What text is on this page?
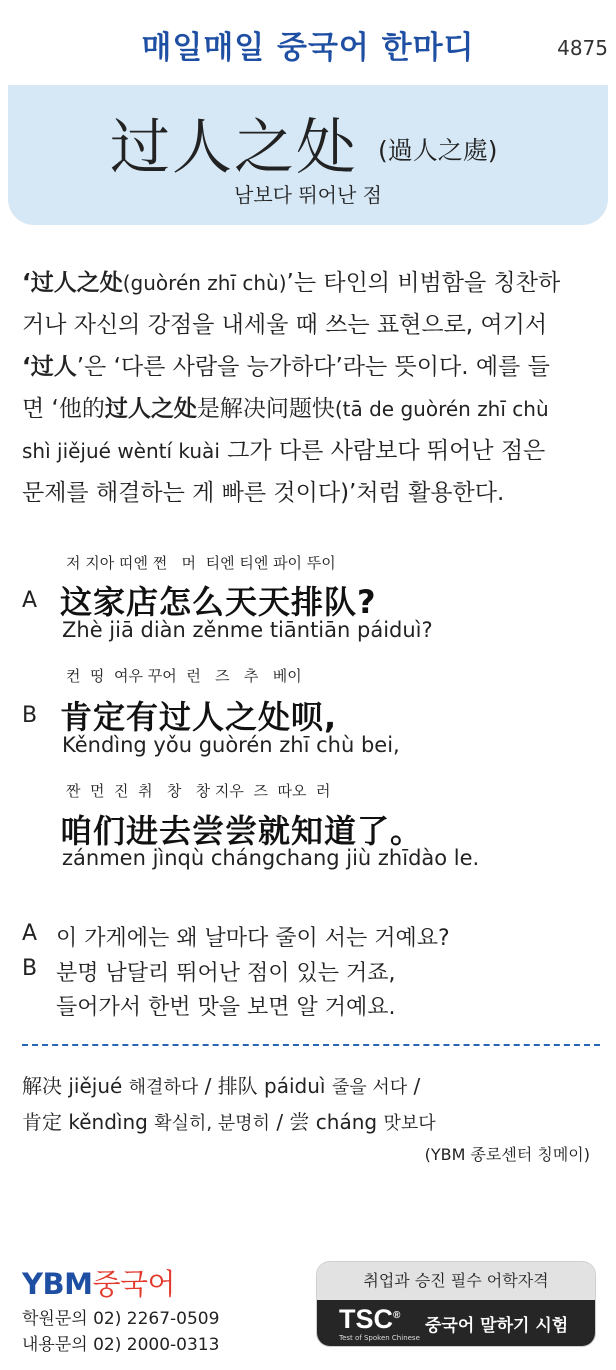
매일매일 중국어 한마디	4875
过人之处 (過人之處)
남보다 뛰어난 점
‘过人之处(guòrén zhī chù)’는 타인의 비범함을 칭찬하
거나 자신의 강점을 내세울 때 쓰는 표현으로, 여기서
‘过人’은 ‘다른 사람을 능가하다’라는 뜻이다. 예를 들
면 ‘他的过人之处是解决问题快(tā de guòrén zhī chù
shì jiějué wèntí kuài 그가 다른 사람보다 뛰어난 점은
문제를 해결하는 게 빠른 것이다)’처럼 활용한다.
저 지아 띠엔 쩐   머  티엔 티엔 파이 뚜이
A 这家店怎么天天排队?
Zhè jiā diàn zěnme tiāntiān páiduì?
컨  띵  여우 꾸어  런   즈   추   베이
B 肯定有过人之处呗,
Kěndìng yǒu guòrén zhī chù bei,
짠  먼  진  취   창   창 지우  즈  따오  러
咱们进去尝尝就知道了。
zánmen jìnqù chángchang jiù zhīdào le.
A 이 가게에는 왜 날마다 줄이 서는 거예요?
B 분명 남달리 뛰어난 점이 있는 거죠,
들어가서 한번 맛을 보면 알 거예요.
解决 jiějué 해결하다 / 排队 páiduì 줄을 서다 /
肯定 kěndìng 확실히, 분명히 / 尝 cháng 맛보다
(YBM 종로센터 칭메이)
YBM중국어
학원문의 02) 2267-0509
내용문의 02) 2000-0313
취업과 승진 필수 어학자격
TSC®
Test of Spoken Chinese
중국어 말하기 시험
